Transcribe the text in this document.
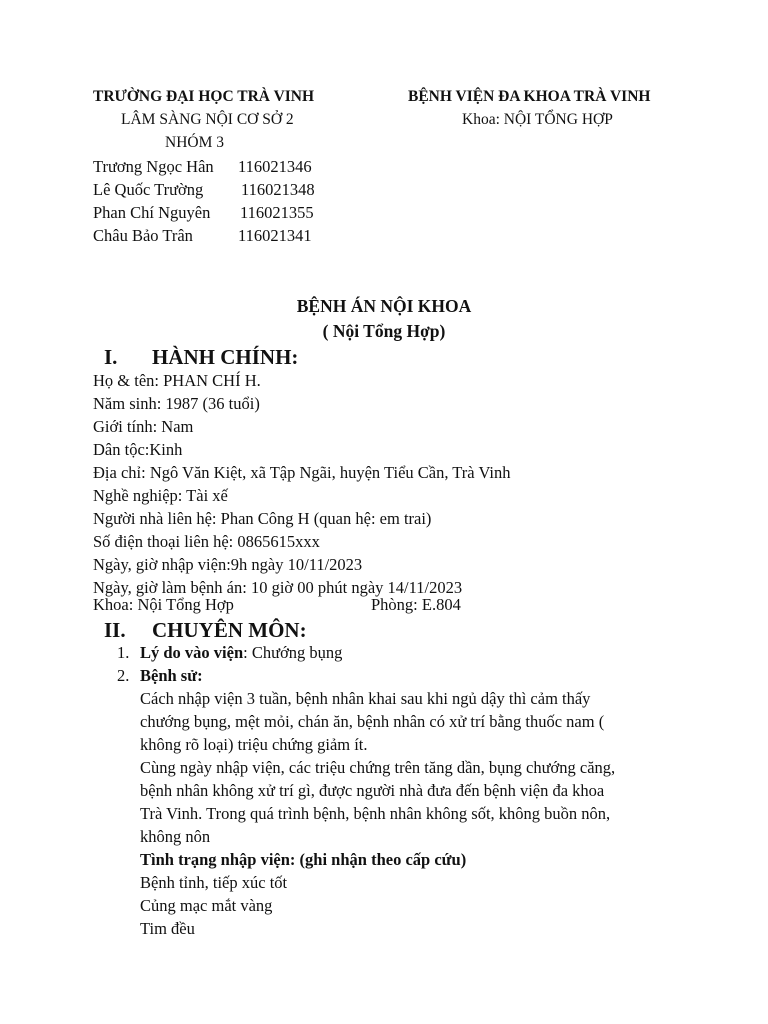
TRƯỜNG ĐẠI HỌC TRÀ VINH
LÂM SÀNG NỘI CƠ SỞ 2
NHÓM 3
BỆNH VIỆN ĐA KHOA TRÀ VINH
Khoa: NỘI TỔNG HỢP
Trương Ngọc Hân 116021346
Lê Quốc Trường 116021348
Phan Chí Nguyên 116021355
Châu Bảo Trân	116021341
BỆNH ÁN NỘI KHOA
( Nội Tổng Hợp)
I. HÀNH CHÍNH:
Họ & tên: PHAN CHÍ H.
Năm sinh: 1987 (36 tuổi)
Giới tính: Nam
Dân tộc:Kinh
Địa chỉ: Ngô Văn Kiệt, xã Tập Ngãi, huyện Tiểu Cần, Trà Vinh
Nghề nghiệp: Tài xế
Người nhà liên hệ: Phan Công H (quan hệ: em trai)
Số điện thoại liên hệ: 0865615xxx
Ngày, giờ nhập viện:9h ngày 10/11/2023
Ngày, giờ làm bệnh án: 10 giờ 00 phút ngày 14/11/2023
Khoa: Nội Tổng Hợp	Phòng: E.804
II. CHUYÊN MÔN:
1. Lý do vào viện: Chướng bụng
2. Bệnh sử:
Cách nhập viện 3 tuần, bệnh nhân khai sau khi ngủ dậy thì cảm thấy
chướng bụng, mệt mỏi, chán ăn, bệnh nhân có xử trí bằng thuốc nam (
không rõ loại) triệu chứng giảm ít.
Cùng ngày nhập viện, các triệu chứng trên tăng dần, bụng chướng căng,
bệnh nhân không xử trí gì, được người nhà đưa đến bệnh viện đa khoa
Trà Vinh. Trong quá trình bệnh, bệnh nhân không sốt, không buồn nôn,
không nôn
Tình trạng nhập viện: (ghi nhận theo cấp cứu)
Bệnh tỉnh, tiếp xúc tốt
Củng mạc mắt vàng
Tim đều
